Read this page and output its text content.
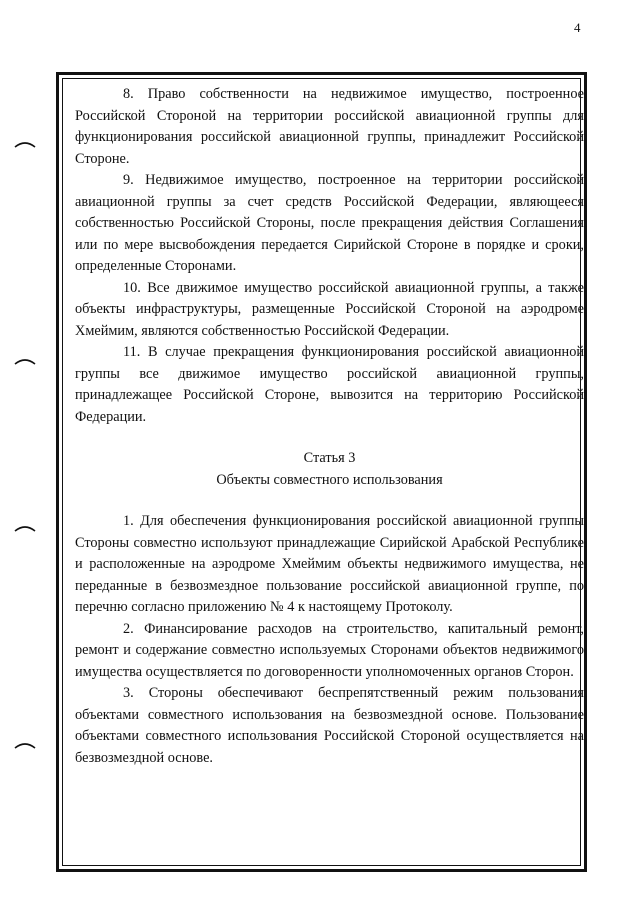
4

8. Право собственности на недвижимое имущество, построенное Российской Стороной на территории российской авиационной группы для функционирования российской авиационной группы, принадлежит Российской Стороне.

9. Недвижимое имущество, построенное на территории российской авиационной группы за счет средств Российской Федерации, являющееся собственностью Российской Стороны, после прекращения действия Соглашения или по мере высвобождения передается Сирийской Стороне в порядке и сроки, определенные Сторонами.

10. Все движимое имущество российской авиационной группы, а также объекты инфраструктуры, размещенные Российской Стороной на аэродроме Хмеймим, являются собственностью Российской Федерации.

11. В случае прекращения функционирования российской авиационной группы все движимое имущество российской авиационной группы, принадлежащее Российской Стороне, вывозится на территорию Российской Федерации.

Статья 3

Объекты совместного использования

1. Для обеспечения функционирования российской авиационной группы Стороны совместно используют принадлежащие Сирийской Арабской Республике и расположенные на аэродроме Хмеймим объекты недвижимого имущества, не переданные в безвозмездное пользование российской авиационной группе, по перечню согласно приложению № 4 к настоящему Протоколу.

2. Финансирование расходов на строительство, капитальный ремонт, ремонт и содержание совместно используемых Сторонами объектов недвижимого имущества осуществляется по договоренности уполномоченных органов Сторон.

3. Стороны обеспечивают беспрепятственный режим пользования объектами совместного использования на безвозмездной основе. Пользование объектами совместного использования Российской Стороной осуществляется на безвозмездной основе.
